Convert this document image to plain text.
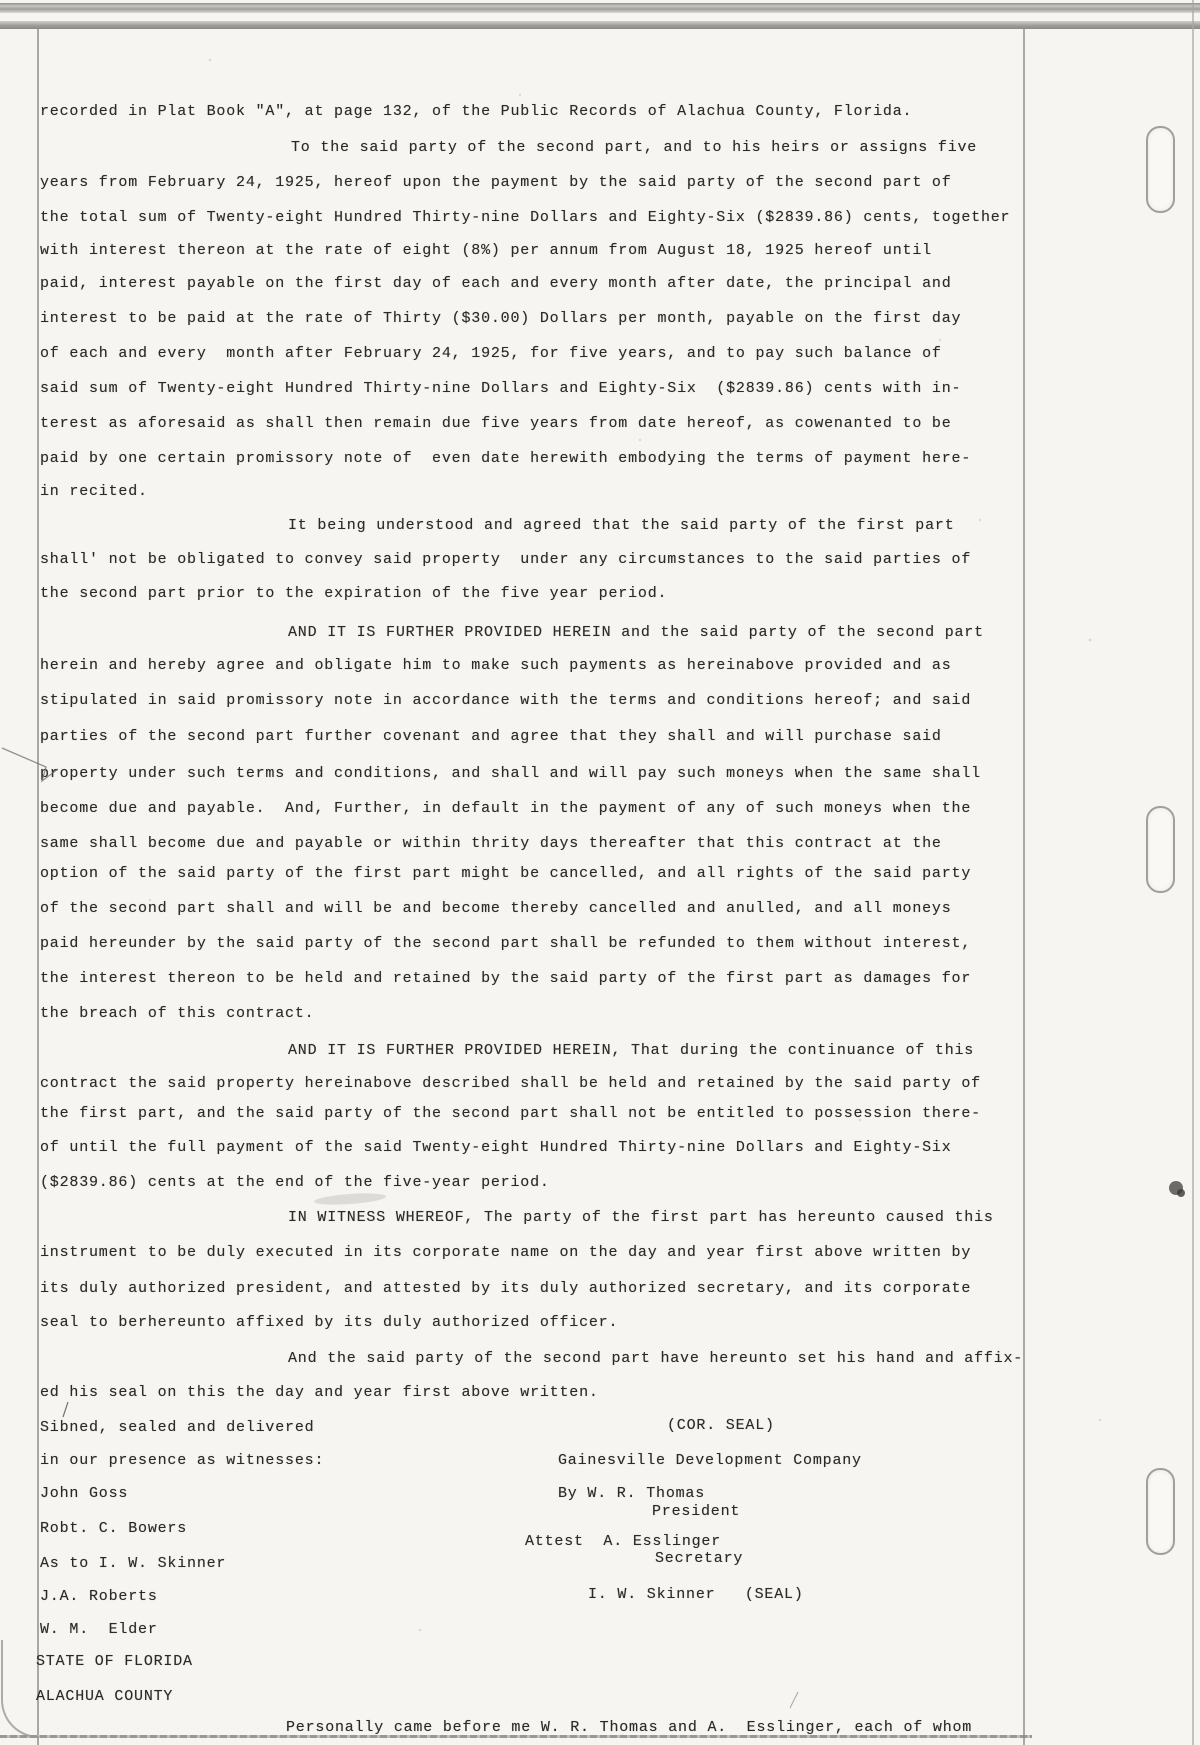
recorded in Plat Book "A", at page 132, of the Public Records of Alachua County, Florida.
To the said party of the second part, and to his heirs or assigns five
years from February 24, 1925, hereof upon the payment by the said party of the second part of
the total sum of Twenty-eight Hundred Thirty-nine Dollars and Eighty-Six ($2839.86) cents, together
with interest thereon at the rate of eight (8%) per annum from August 18, 1925 hereof until
paid, interest payable on the first day of each and every month after date, the principal and
interest to be paid at the rate of Thirty ($30.00) Dollars per month, payable on the first day
of each and every  month after February 24, 1925, for five years, and to pay such balance of
said sum of Twenty-eight Hundred Thirty-nine Dollars and Eighty-Six  ($2839.86) cents with in-
terest as aforesaid as shall then remain due five years from date hereof, as cowenanted to be
paid by one certain promissory note of  even date herewith embodying the terms of payment here-
in recited.
It being understood and agreed that the said party of the first part
shall' not be obligated to convey said property  under any circumstances to the said parties of
the second part prior to the expiration of the five year period.
AND IT IS FURTHER PROVIDED HEREIN and the said party of the second part
herein and hereby agree and obligate him to make such payments as hereinabove provided and as
stipulated in said promissory note in accordance with the terms and conditions hereof; and said
parties of the second part further covenant and agree that they shall and will purchase said
property under such terms and conditions, and shall and will pay such moneys when the same shall
become due and payable.  And, Further, in default in the payment of any of such moneys when the
same shall become due and payable or within thrity days thereafter that this contract at the
option of the said party of the first part might be cancelled, and all rights of the said party
of the second part shall and will be and become thereby cancelled and anulled, and all moneys
paid hereunder by the said party of the second part shall be refunded to them without interest,
the interest thereon to be held and retained by the said party of the first part as damages for
the breach of this contract.
AND IT IS FURTHER PROVIDED HEREIN, That during the continuance of this
contract the said property hereinabove described shall be held and retained by the said party of
the first part, and the said party of the second part shall not be entitled to possession there-
of until the full payment of the said Twenty-eight Hundred Thirty-nine Dollars and Eighty-Six
($2839.86) cents at the end of the five-year period.
IN WITNESS WHEREOF, The party of the first part has hereunto caused this
instrument to be duly executed in its corporate name on the day and year first above written by
its duly authorized president, and attested by its duly authorized secretary, and its corporate
seal to berhereunto affixed by its duly authorized officer.
And the said party of the second part have hereunto set his hand and affix-
ed his seal on this the day and year first above written.
Sibned, sealed and delivered	(COR. SEAL)
in our presence as witnesses:	Gainesville Development Company
John Goss	By W. R. Thomas
President
Robt. C. Bowers
Attest  A. Esslinger
Secretary
As to I. W. Skinner
J.A. Roberts	I. W. Skinner   (SEAL)
W. M.  Elder
STATE OF FLORIDA
ALACHUA COUNTY
Personally came before me W. R. Thomas and A.  Esslinger, each of whom
